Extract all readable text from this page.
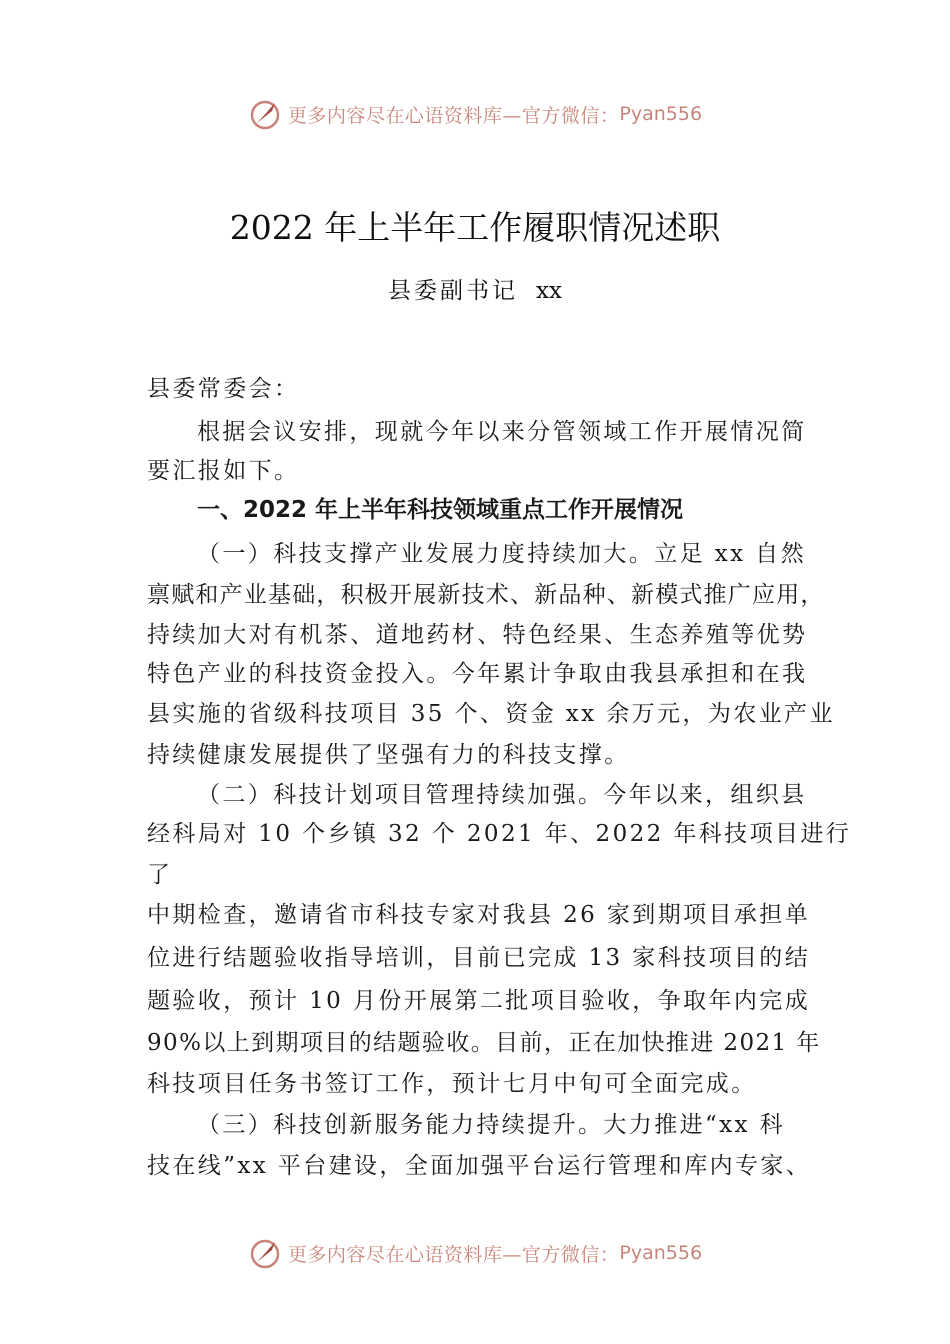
更多内容尽在心语资料库—官方微信： Pyan556
2022 年上半年工作履职情况述职
县委副书记 xx
县委常委会：
根据会议安排，现就今年以来分管领域工作开展情况简
要汇报如下。
一、2022 年上半年科技领域重点工作开展情况
（一）科技支撑产业发展力度持续加大。立足 xx 自然
禀赋和产业基础，积极开展新技术、新品种、新模式推广应用，
持续加大对有机茶、道地药材、特色经果、生态养殖等优势
特色产业的科技资金投入。今年累计争取由我县承担和在我
县实施的省级科技项目 35 个、资金 xx 余万元，为农业产业
持续健康发展提供了坚强有力的科技支撑。
（二）科技计划项目管理持续加强。今年以来，组织县
经科局对 10 个乡镇 32 个 2021 年、2022 年科技项目进行
了
中期检查，邀请省市科技专家对我县 26 家到期项目承担单
位进行结题验收指导培训，目前已完成 13 家科技项目的结
题验收，预计 10 月份开展第二批项目验收，争取年内完成
90%以上到期项目的结题验收。目前，正在加快推进 2021 年
科技项目任务书签订工作，预计七月中旬可全面完成。
（三）科技创新服务能力持续提升。大力推进“xx 科
技在线”xx 平台建设，全面加强平台运行管理和库内专家、
更多内容尽在心语资料库—官方微信： Pyan556
